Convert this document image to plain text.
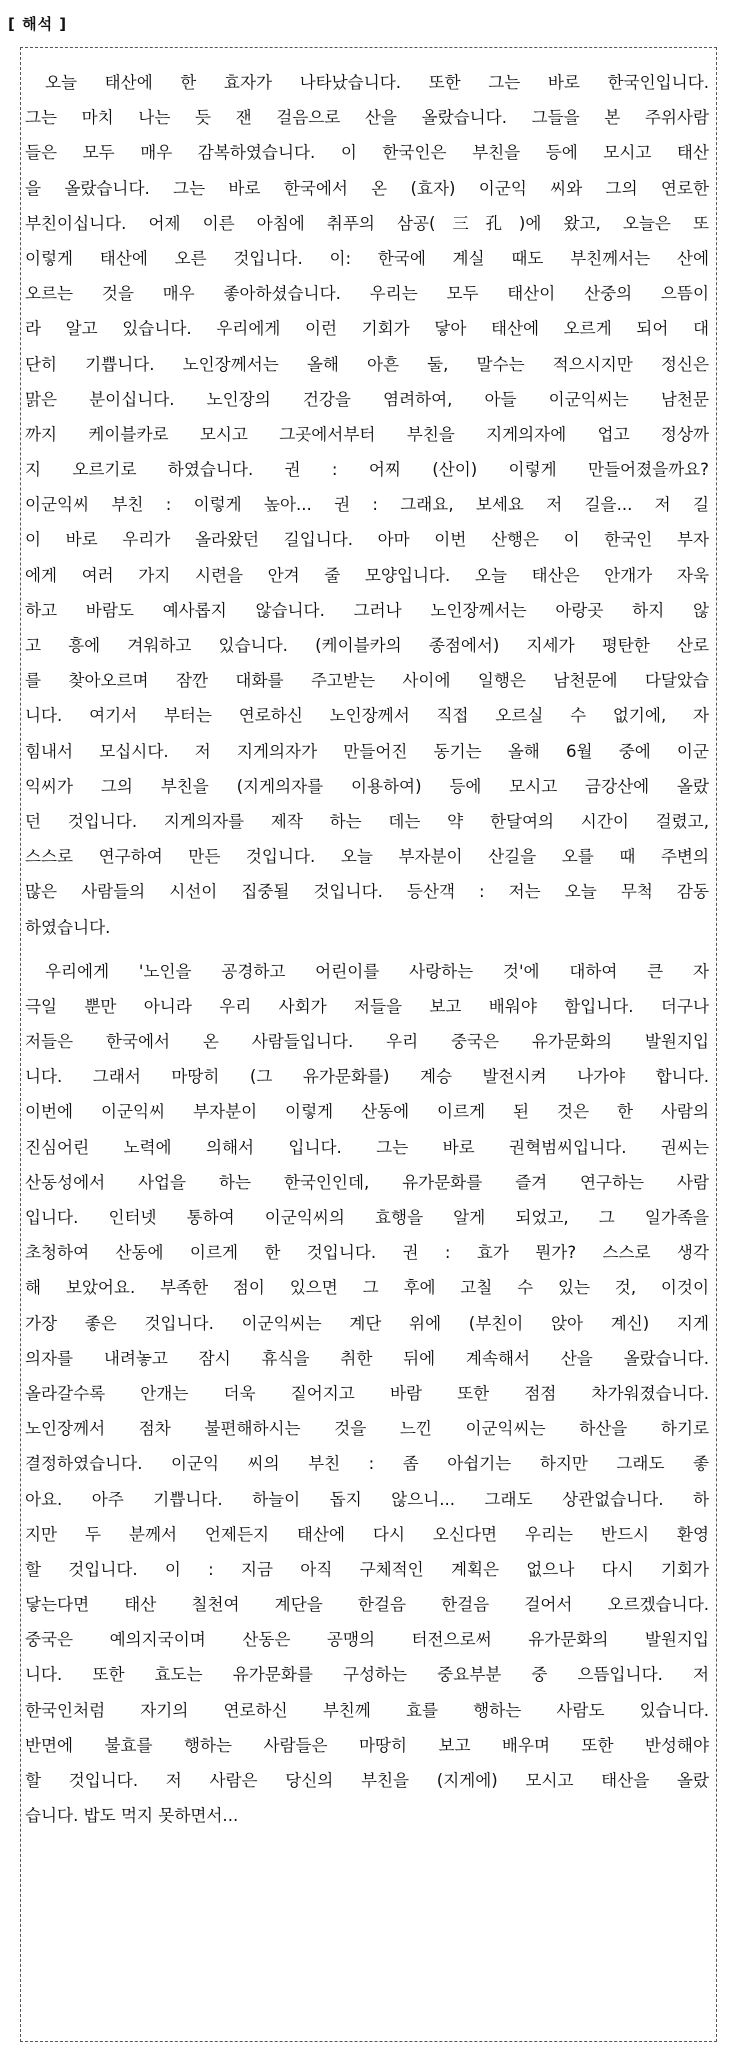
[ 해석 ]
오늘 태산에 한 효자가 나타났습니다. 또한 그는 바로 한국인입니다.
그는 마치 나는 듯 잰 걸음으로 산을 올랐습니다. 그들을 본 주위사람
들은 모두 매우 감복하였습니다. 이 한국인은 부친을 등에 모시고 태산
을 올랐습니다. 그는 바로 한국에서 온 (효자) 이군익 씨와 그의 연로한
부친이십니다. 어제 이른 아침에 취푸의 삼공(三孔)에 왔고, 오늘은 또
이렇게 태산에 오른 것입니다. 이: 한국에 계실 때도 부친께서는 산에
오르는 것을 매우 좋아하셨습니다. 우리는 모두 태산이 산중의 으뜸이
라 알고 있습니다. 우리에게 이런 기회가 닿아 태산에 오르게 되어 대
단히 기쁩니다. 노인장께서는 올해 아흔 둘, 말수는 적으시지만 정신은
맑은 분이십니다. 노인장의 건강을 염려하여, 아들 이군익씨는 남천문
까지 케이블카로 모시고 그곳에서부터 부친을 지게의자에 업고 정상까
지 오르기로 하였습니다. 권 : 어찌 (산이) 이렇게 만들어졌을까요?
이군익씨 부친 : 이렇게 높아... 권 : 그래요, 보세요 저 길을... 저 길
이 바로 우리가 올라왔던 길입니다. 아마 이번 산행은 이 한국인 부자
에게 여러 가지 시련을 안겨 줄 모양입니다. 오늘 태산은 안개가 자욱
하고 바람도 예사롭지 않습니다. 그러나 노인장께서는 아랑곳 하지 않
고 흥에 겨워하고 있습니다. (케이블카의 종점에서) 지세가 평탄한 산로
를 찾아오르며 잠깐 대화를 주고받는 사이에 일행은 남천문에 다달았습
니다. 여기서 부터는 연로하신 노인장께서 직접 오르실 수 없기에, 자
힘내서 모십시다. 저 지게의자가 만들어진 동기는 올해 6월 중에 이군
익씨가 그의 부친을 (지게의자를 이용하여) 등에 모시고 금강산에 올랐
던 것입니다. 지게의자를 제작 하는 데는 약 한달여의 시간이 걸렸고,
스스로 연구하여 만든 것입니다. 오늘 부자분이 산길을 오를 때 주변의
많은 사람들의 시선이 집중될 것입니다. 등산객 : 저는 오늘 무척 감동
하였습니다.
우리에게 '노인을 공경하고 어린이를 사랑하는 것'에 대하여 큰 자
극일 뿐만 아니라 우리 사회가 저들을 보고 배워야 함입니다. 더구나
저들은 한국에서 온 사람들입니다. 우리 중국은 유가문화의 발원지입
니다. 그래서 마땅히 (그 유가문화를) 계승 발전시켜 나가야 합니다.
이번에 이군익씨 부자분이 이렇게 산동에 이르게 된 것은 한 사람의
진심어린 노력에 의해서 입니다. 그는 바로 권혁범씨입니다. 권씨는
산동성에서 사업을 하는 한국인인데, 유가문화를 즐겨 연구하는 사람
입니다. 인터넷 통하여 이군익씨의 효행을 알게 되었고, 그 일가족을
초청하여 산동에 이르게 한 것입니다. 권 : 효가 뭔가? 스스로 생각
해 보았어요. 부족한 점이 있으면 그 후에 고칠 수 있는 것, 이것이
가장 좋은 것입니다. 이군익씨는 계단 위에 (부친이 앉아 계신) 지게
의자를 내려놓고 잠시 휴식을 취한 뒤에 계속해서 산을 올랐습니다.
올라갈수록 안개는 더욱 짙어지고 바람 또한 점점 차가워졌습니다.
노인장께서 점차 불편해하시는 것을 느낀 이군익씨는 하산을 하기로
결정하였습니다. 이군익 씨의 부친 : 좀 아쉽기는 하지만 그래도 좋
아요. 아주 기쁩니다. 하늘이 돕지 않으니... 그래도 상관없습니다. 하
지만 두 분께서 언제든지 태산에 다시 오신다면 우리는 반드시 환영
할 것입니다. 이 : 지금 아직 구체적인 계획은 없으나 다시 기회가
닿는다면 태산 칠천여 계단을 한걸음 한걸음 걸어서 오르겠습니다.
중국은 예의지국이며 산동은 공맹의 터전으로써 유가문화의 발원지입
니다. 또한 효도는 유가문화를 구성하는 중요부분 중 으뜸입니다. 저
한국인처럼 자기의 연로하신 부친께 효를 행하는 사람도 있습니다.
반면에 불효를 행하는 사람들은 마땅히 보고 배우며 또한 반성해야
할 것입니다. 저 사람은 당신의 부친을 (지게에) 모시고 태산을 올랐
습니다. 밥도 먹지 못하면서...
